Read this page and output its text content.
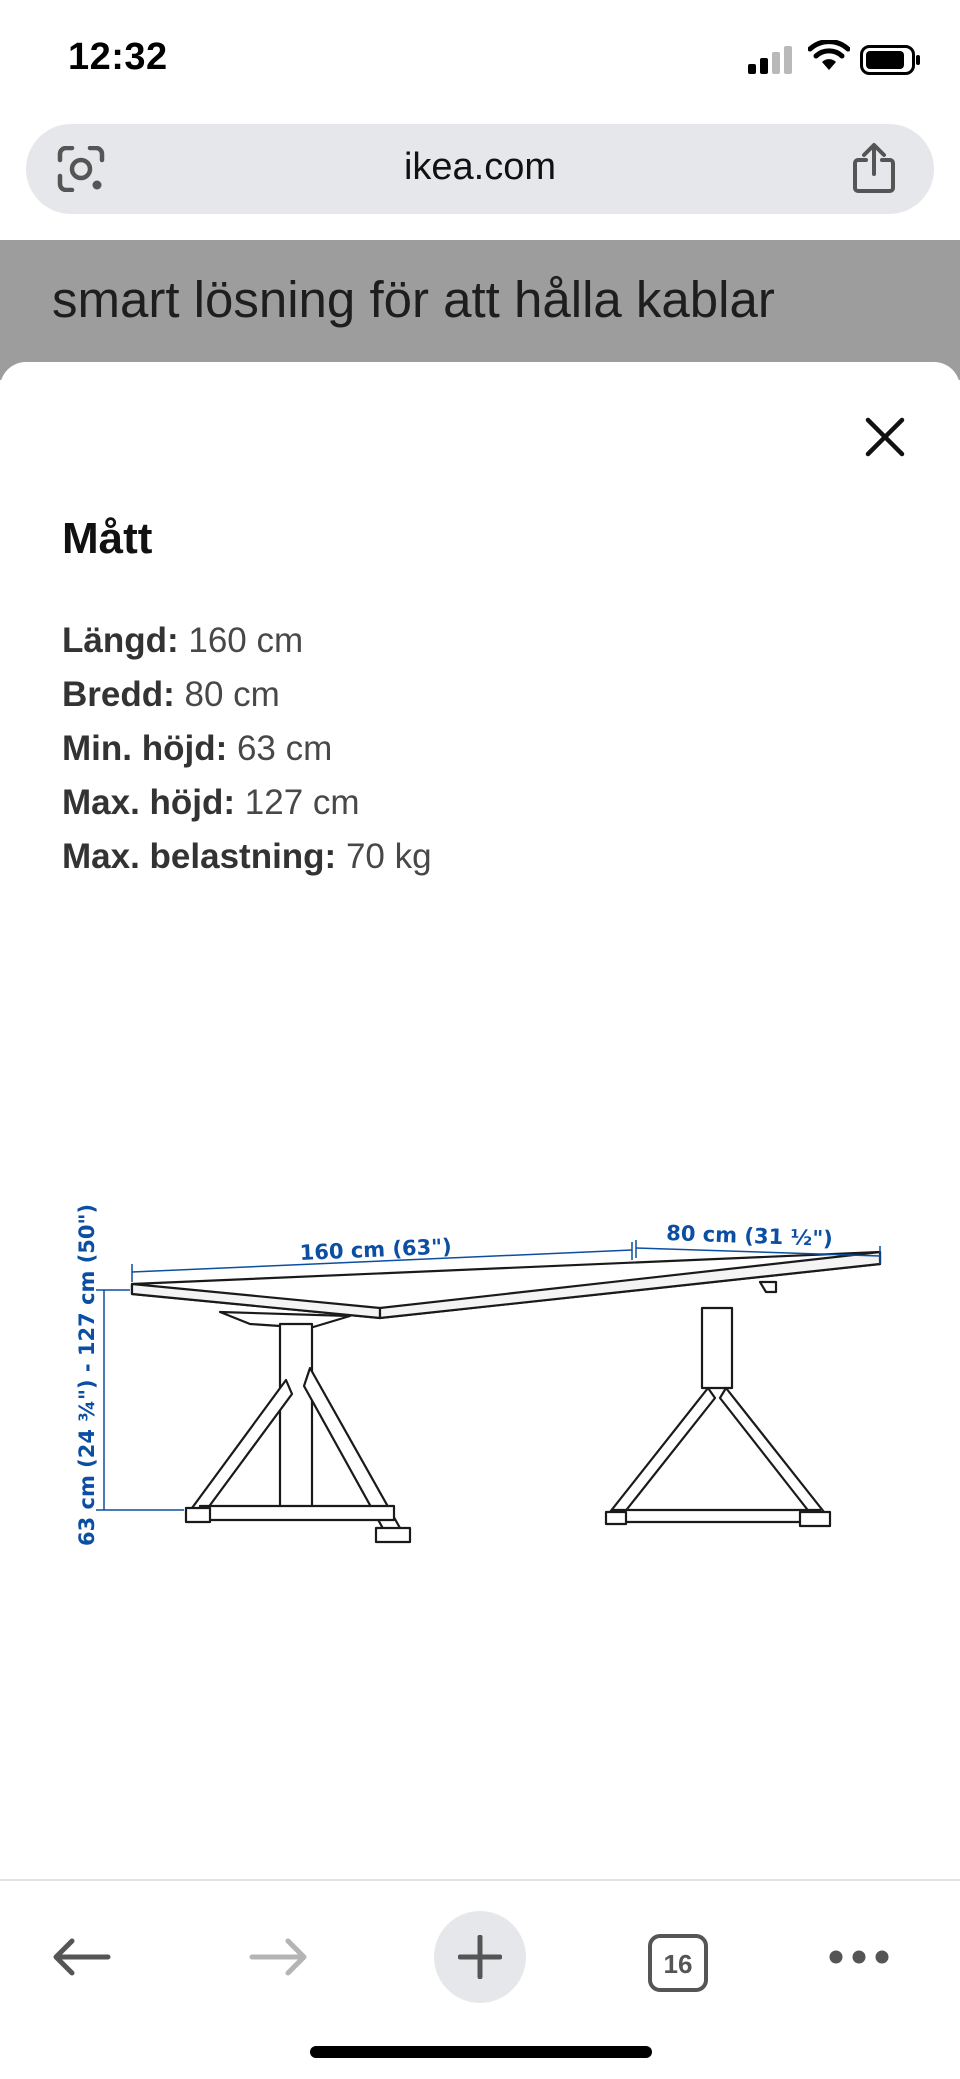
12:32
ikea.com
smart lösning för att hålla kablar
Mått
Längd: 160 cm
Bredd: 80 cm
Min. höjd: 63 cm
Max. höjd: 127 cm
Max. belastning: 70 kg
160 cm (63")	80 cm (31 ½")
63 cm (24 ¾") - 127 cm (50")
16
